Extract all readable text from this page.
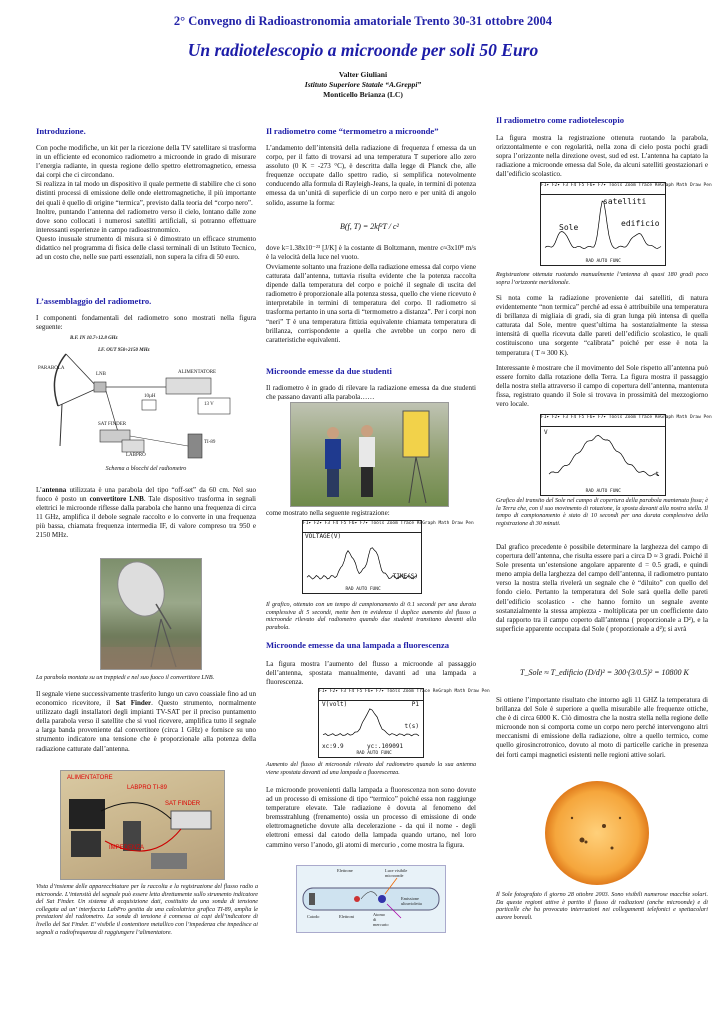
2° Convegno di Radioastronomia amatoriale Trento 30-31 ottobre 2004
Un radiotelescopio a microonde per soli 50 Euro
Valter Giuliani
Istituto Superiore Statale “A.Greppi”
Monticello Brianza (LC)
Introduzione.

Con poche modifiche, un kit per la ricezione della TV satellitare si trasforma in un efficiente ed economico radiometro a microonde in grado di misurare l’energia radiante, in questa regione dello spettro elettromagnetico, emessa dai corpi che ci circondano.

Si realizza in tal modo un dispositivo il quale permette di stabilire che ci sono distinti processi di emissione delle onde elettromagnetiche, il più importante dei quali è quello di origine “termica”, previsto dalla teoria del “corpo nero”.

Inoltre, puntando l’antenna del radiometro verso il cielo, lontano dalle zone dove sono collocati i numerosi satelliti artificiali, si potranno effettuare interessanti esperienze in campo radioastronomico.

Questo inusuale strumento di misura si è dimostrato un efficace strumento didattico nel programma di fisica delle classi terminali di un Istituto Tecnico, ad un costo che, nelle sue parti essenziali, non supera la cifra di 50 euro.

L’assemblaggio del radiometro.
I componenti fondamentali del radiometro sono mostrati nella figura seguente:
B.F. IN 10.7÷12.8 GHz
LF. OUT 950÷2150 MHz
PARABOLA
LNB	ALIMENTATORE
10µH
13 V
SAT FINDER
LABPRO
TI-89
Schema a blocchi del radiometro
L’antenna utilizzata è una parabola del tipo “off-set” da 60 cm. Nel suo fuoco è posto un convertitore LNB. Tale dispositivo trasforma in segnali elettrici le microonde riflesse dalla parabola che hanno una frequenza di circa 11 GHz, amplifica il debole segnale raccolto e lo converte in una frequenza più bassa, chiamata frequenza intermedia IF, di valore compreso tra 950 e 2150 MHz.
La parabola montata su un treppiedi e nel suo fuoco il convertitore LNB.
Il segnale viene successivamente trasferito lungo un cavo coassiale fino ad un economico ricevitore, il Sat Finder. Questo strumento, normalmente utilizzato dagli installatori degli impianti TV-SAT per il preciso puntamento della parabola verso il satellite che si vuol ricevere, amplifica tutto il segnale a larga banda proveniente dal convertitore (circa 1 GHz) e fornisce su uno strumento indicatore una tensione che è proporzionale alla potenza della radiazione catturate dall’antenna.
ALIMENTATORE
LABPRO TI-89
SAT FINDER
IMPEDENZA
Vista d’insieme delle apparecchiature per la raccolta e la registrazione del flusso radio a microonde. L’intensità del segnale può essere letta direttamente sullo strumento indicatore del Sat Finder. Un sistema di acquisizione dati, costituito da una sonda di tensione collegata ad un’ interfaccia LabPro gestita da una calcolatrice grafica TI-89, amplia le prestazioni del radiometro. La sonda di tensione è connessa ai capi dell’indicatore di livello del Sat Finder. E’ visibile il contenitore metallico con l’impedenza che impedisce ai segnali a radiofrequenza di raggiungere l’alimentatore.
Il radiometro come “termometro a microonde”
L’andamento dell’intensità della radiazione di frequenza f emessa da un corpo, per il fatto di trovarsi ad una temperatura T superiore allo zero assoluto (0 K = -273 °C), è descritta dalla legge di Planck che, alle frequenze occupate dallo spettro radio, si semplifica notevolmente conducendo alla formula di Rayleigh-Jeans, la quale, in termini di potenza emessa da un’unità di superficie di un corpo nero e per unità di angolo solido, assume la forma:
B(f, T) = 2kf²T / c²
dove k=1.38x10⁻²³ [J/K] è la costante di Boltzmann, mentre c≈3x10⁸ m/s è la velocità della luce nel vuoto.
Ovviamente soltanto una frazione della radiazione emessa dal corpo viene catturata dall’antenna, tuttavia risulta evidente che la potenza raccolta dipende dalla temperatura del corpo e poiché il segnale di uscita del radiometro è proporzionale alla potenza stessa, quello che viene ricevuto è interpretabile in termini di temperatura del corpo. Il radiometro si trasforma pertanto in una sorta di “termometro a distanza”. Per i corpi non “neri” T è una temperatura fittizia equivalente chiamata temperatura di brillanza, corrispondente a quella che avrebbe un corpo nero di caratteristiche equivalenti.
Microonde emesse da due studenti
Il radiometro è in grado di rilevare la radiazione emessa da due studenti che passano davanti alla parabola……
come mostrato nella seguente registrazione:
F1▾ F2▾ F3 F4 F5 F6▾ F7▾ Tools Zoom Trace ReGraph Math Draw Pen
VOLTAGE(V)
TIME(S)
RAD AUTO FUNC
Il grafico, ottenuto con un tempo di campionamento di 0.1 secondi per una durata complessiva di 5 secondi, mette ben in evidenza il duplice aumento del flusso a microonde rilevato dal radiometro quando due studenti transitano davanti alla parabola.
Microonde emesse da una lampada a fluorescenza
La figura mostra l’aumento del flusso a microonde al passaggio dell’antenna, spostata manualmente, davanti ad una lampada a fluorescenza.
F1▾ F2▾ F3 F4 F5 F6▾ F7▾ Tools Zoom Trace ReGraph Math Draw Pen
V(volt)	P1
t(s)
xc:9.9	yc:.109091
RAD AUTO FUNC
Aumento del flusso di microonde rilevato dal radiometro quando la sua antenna viene spostata davanti ad una lampada a fluorescenza.
Le microonde provenienti dalla lampada a fluorescenza non sono dovute ad un processo di emissione di tipo “termico” poiché essa non raggiunge temperature elevate. Tale radiazione è dovuta al fenomeno del bremsstrahlung (frenamento) ossia un processo di emissione di onde elettromagnetiche dovute alla decelerazione - da qui il nome - degli elettroni emessi dal catodo della lampada quando urtano, nel loro cammino verso l’anodo, gli atomi di mercurio , come mostra la figura.
Elettrone	Luce visibile
microonde
Emissione
ultravioletta
Catodo	Elettroni	Atomo
di
mercurio
Il radiometro come radiotelescopio
La figura mostra la registrazione ottenuta ruotando la parabola, orizzontalmente e con regolarità, nella zona di cielo posta pochi gradi sopra l’orizzonte nella direzione ovest, sud ed est. L’antenna ha captato la radiazione a microonde emessa dal Sole, da alcuni satelliti geostazionari e dall’edificio scolastico.
F1▾ F2▾ F3 F4 F5 F6▾ F7▾ Tools Zoom Trace ReGraph Math Draw Pen
satelliti
Sole	edificio
RAD AUTO FUNC
Registrazione ottenuta ruotando manualmente l’antenna di quasi 180 gradi poco sopra l’orizzonte meridionale.
Si nota come la radiazione proveniente dai satelliti, di natura evidentemente “non termica” perché ad essa è attribuibile una temperatura di brillanza di migliaia di gradi, sia di gran lunga più intensa di quella catturata dal Sole, mentre quest’ultima ha sostanzialmente la stessa intensità di quella ricevuta dalle pareti dell’edificio scolastico, le quali costituiscono una sorgente “calibrata” poiché per esse è nota la temperatura ( T ≈ 300 K).
Interessante è mostrare che il movimento del Sole rispetto all’antenna può essere fornito dalla rotazione della Terra. La figura mostra il passaggio della nostra stella attraverso il campo di copertura dell’antenna, mantenuta fissa, registrato quando il Sole si trovava in prossimità del mezzogiorno vero locale.
F1▾ F2▾ F3 F4 F5 F6▾ F7▾ Tools Zoom Trace ReGraph Math Draw Pen
V
t
RAD AUTO FUNC
Grafico del transito del Sole nel campo di copertura della parabola mantenuta fissa; è la Terra che, con il suo movimento di rotazione, la sposta davanti alla nostra stella. Il tempo di campionamento è stato di 10 secondi per una durata complessiva della registrazione di 30 minuti.
Dal grafico precedente è possibile determinare la larghezza del campo di copertura dell’antenna, che risulta essere pari a circa D ≈ 3 gradi. Poiché il Sole presenta un’estensione angolare apparente d = 0.5 gradi, e quindi meno ampia della larghezza del campo dell’antenna, il radiometro puntato verso la nostra stella rivelerà un segnale che è “diluito” con quello del fondo cielo. Pertanto la temperatura del Sole sarà quella delle pareti dell’edificio scolastico - che hanno fornito un segnale avente sostanzialmente la stessa ampiezza - moltiplicata per un coefficiente dato dal rapporto tra il campo coperto dall’antenna ( proporzionale a D²), e la superficie apparente occupata dal Sole ( proporzionale a d²); si avrà
T_Sole ≈ T_edificio (D/d)² = 300·(3/0.5)² = 10800 K
Si ottiene l’importante risultato che intorno agli 11 GHZ la temperatura di brillanza del Sole è superiore a quella misurabile alle frequenze ottiche, che è di circa 6000 K. Ciò dimostra che la nostra stella nella regione delle microonde non si comporta come un corpo nero perché intervengono altri meccanismi di emissione della radiazione, oltre a quello termico, come quello girosincrotronico, dovuto al moto di particelle cariche in presenza dei forti campi magnetici esistenti nelle regioni attive solari.
Il Sole fotografato il giorno 28 ottobre 2003. Sono visibili numerose macchie solari. Da queste regioni attive è partito il flusso di radiazioni (anche microonde) e di particelle che ha provocato interruzioni nei collegamenti telefonici e spettacolari aurore boreali.
